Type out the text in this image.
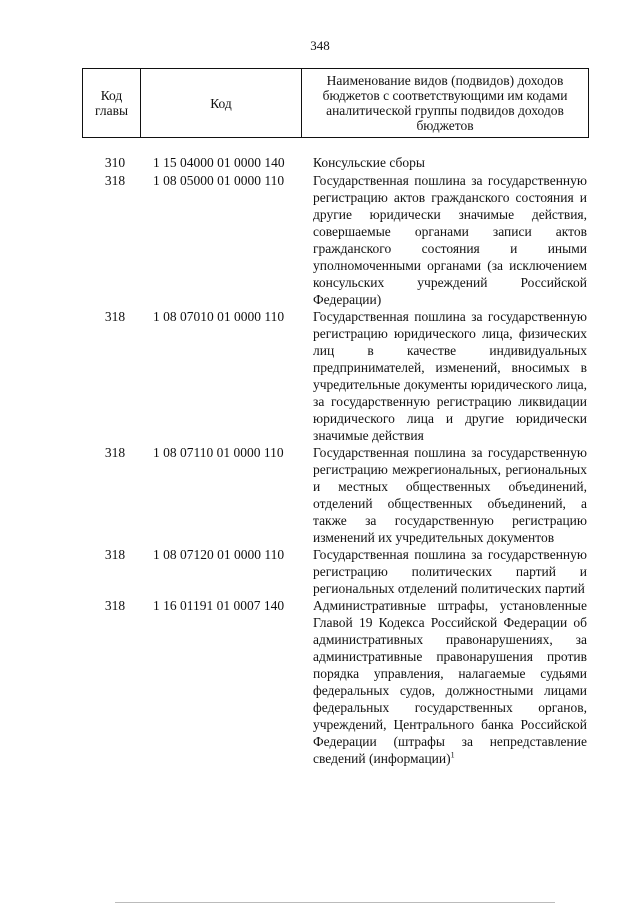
348
Код главы	Код	Наименование видов (подвидов) доходов бюджетов с соответствующими им кодами аналитической группы подвидов доходов бюджетов
310	1 15 04000 01 0000 140	Консульские сборы
318	1 08 05000 01 0000 110	Государственная пошлина за государственную регистрацию актов гражданского состояния и другие юридически значимые действия, совершаемые органами записи актов гражданского состояния и иными уполномоченными органами (за исключением консульских учреждений Российской Федерации)
318	1 08 07010 01 0000 110	Государственная пошлина за государственную регистрацию юридического лица, физических лиц в качестве индивидуальных предпринимателей, изменений, вносимых в учредительные документы юридического лица, за государственную регистрацию ликвидации юридического лица и другие юридически значимые действия
318	1 08 07110 01 0000 110	Государственная пошлина за государственную регистрацию межрегиональных, региональных и местных общественных объединений, отделений общественных объединений, а также за государственную регистрацию изменений их учредительных документов
318	1 08 07120 01 0000 110	Государственная пошлина за государственную регистрацию политических партий и региональных отделений политических партий
318	1 16 01191 01 0007 140	Административные штрафы, установленные Главой 19 Кодекса Российской Федерации об административных правонарушениях, за административные правонарушения против порядка управления, налагаемые судьями федеральных судов, должностными лицами федеральных государственных органов, учреждений, Центрального банка Российской Федерации (штрафы за непредставление сведений (информации)$^1$
